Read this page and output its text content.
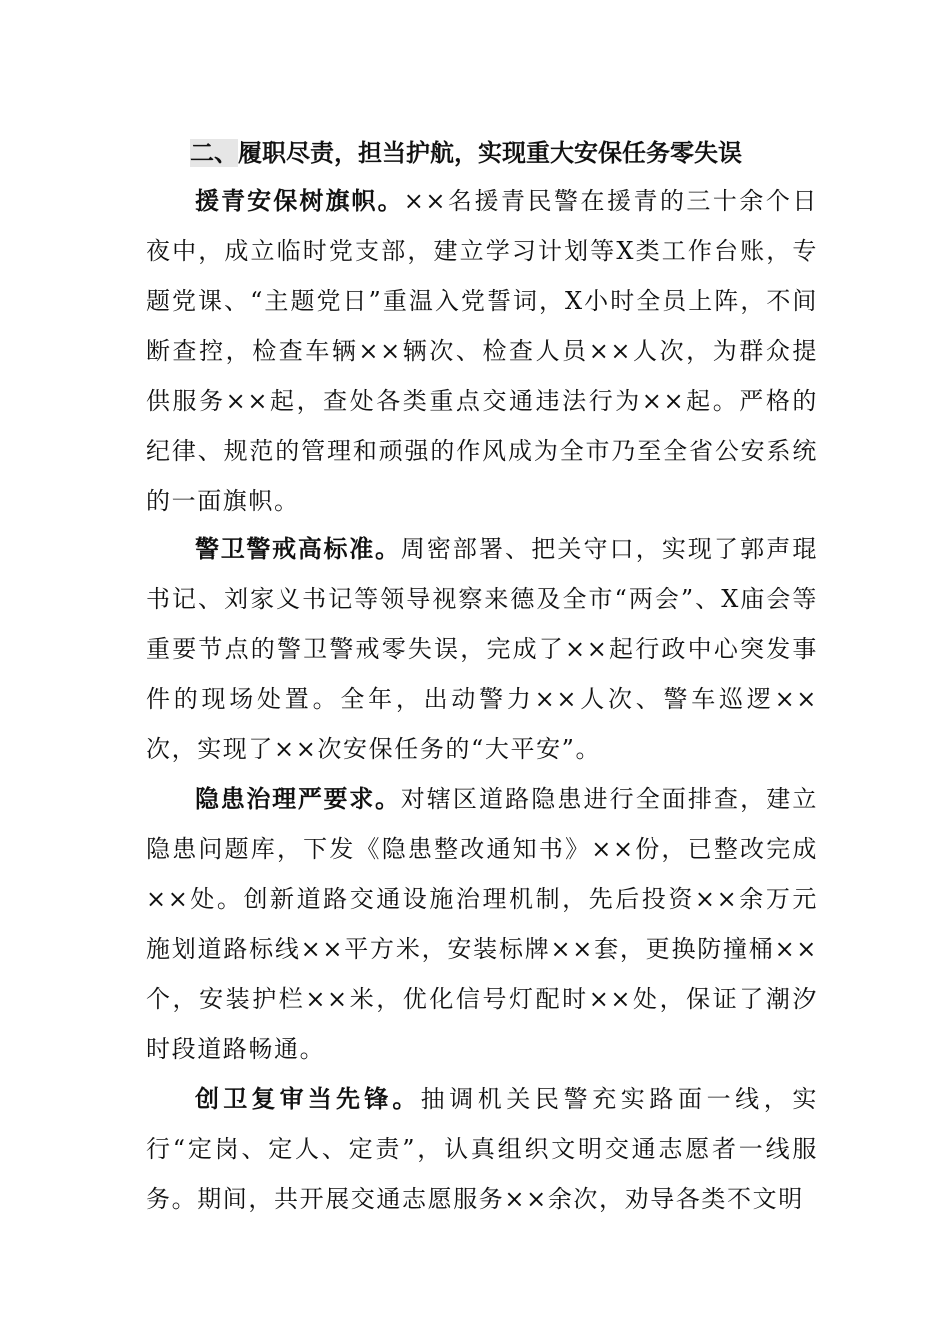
二、履职尽责，担当护航，实现重大安保任务零失误
援青安保树旗帜。××名援青民警在援青的三十余个日夜中，成立临时党支部，建立学习计划等X类工作台账，专题党课、“主题党日”重温入党誓词，X小时全员上阵，不间断查控，检查车辆××辆次、检查人员××人次，为群众提供服务××起，查处各类重点交通违法行为××起。严格的纪律、规范的管理和顽强的作风成为全市乃至全省公安系统的一面旗帜。
警卫警戒高标准。周密部署、把关守口，实现了郭声琨书记、刘家义书记等领导视察来德及全市“两会”、X庙会等重要节点的警卫警戒零失误，完成了××起行政中心突发事件的现场处置。全年，出动警力××人次、警车巡逻××次，实现了××次安保任务的“大平安”。
隐患治理严要求。对辖区道路隐患进行全面排查，建立隐患问题库，下发《隐患整改通知书》××份，已整改完成××处。创新道路交通设施治理机制，先后投资××余万元施划道路标线××平方米，安装标牌××套，更换防撞桶××个，安装护栏××米，优化信号灯配时××处，保证了潮汐时段道路畅通。
创卫复审当先锋。抽调机关民警充实路面一线，实行“定岗、定人、定责”，认真组织文明交通志愿者一线服务。期间，共开展交通志愿服务××余次，劝导各类不文明
